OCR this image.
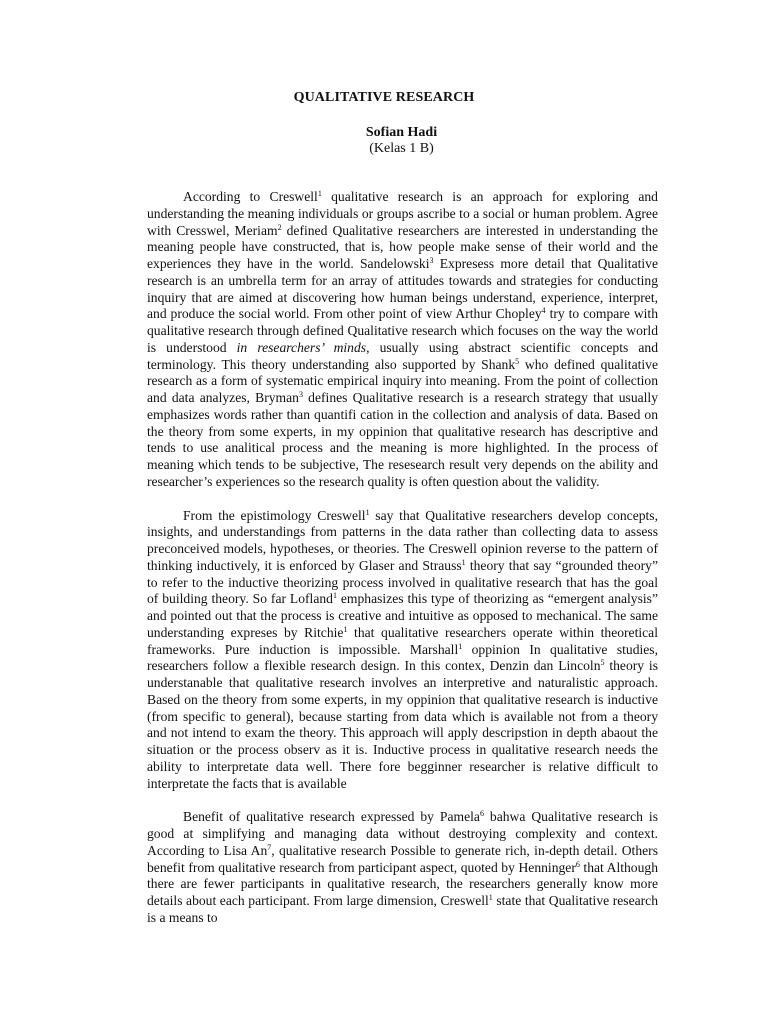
QUALITATIVE RESEARCH
Sofian Hadi
(Kelas 1 B)

According to Creswell$^1$ qualitative research is an approach for exploring and understanding the meaning individuals or groups ascribe to a social or human problem. Agree with Cresswel, Meriam$^2$ defined Qualitative researchers are interested in understanding the meaning people have constructed, that is, how people make sense of their world and the experiences they have in the world. Sandelowski$^3$ Expresess more detail that Qualitative research is an umbrella term for an array of attitudes towards and strategies for conducting inquiry that are aimed at discovering how human beings understand, experience, interpret, and produce the social world. From other point of view Arthur Chopley$^4$ try to compare with qualitative research through defined Qualitative research which focuses on the way the world is understood in researchers’ minds, usually using abstract scientific concepts and terminology. This theory understanding also supported by Shank$^5$ who defined qualitative research as a form of systematic empirical inquiry into meaning. From the point of collection and data analyzes, Bryman$^3$ defines Qualitative research is a research strategy that usually emphasizes words rather than quantifi cation in the collection and analysis of data. Based on the theory from some experts, in my oppinion that qualitative research has descriptive and tends to use analitical process and the meaning is more highlighted. In the process of meaning which tends to be subjective, The resesearch result very depends on the ability and researcher’s experiences so the research quality is often question about the validity.

From the epistimology Creswell$^1$ say that Qualitative researchers develop concepts, insights, and understandings from patterns in the data rather than collecting data to assess preconceived models, hypotheses, or theories. The Creswell opinion reverse to the pattern of thinking inductively, it is enforced by Glaser and Strauss$^1$ theory that say “grounded theory” to refer to the inductive theorizing process involved in qualitative research that has the goal of building theory. So far Lofland$^1$ emphasizes this type of theorizing as “emergent analysis” and pointed out that the process is creative and intuitive as opposed to mechanical. The same understanding expreses by Ritchie$^1$ that qualitative researchers operate within theoretical frameworks. Pure induction is impossible. Marshall$^1$ oppinion In qualitative studies, researchers follow a flexible research design. In this contex, Denzin dan Lincoln$^5$ theory is understanable that qualitative research involves an interpretive and naturalistic approach. Based on the theory from some experts, in my oppinion that qualitative research is inductive (from specific to general), because starting from data which is available not from a theory and not intend to exam the theory. This approach will apply descripstion in depth abaout the situation or the process observ as it is. Inductive process in qualitative research needs the ability to interpretate data well. There fore begginner researcher is relative difficult to interpretate the facts that is available

Benefit of qualitative research expressed by Pamela$^6$ bahwa Qualitative research is good at simplifying and managing data without destroying complexity and context. According to Lisa An$^7$, qualitative research Possible to generate rich, in-depth detail. Others benefit from qualitative research from participant aspect, quoted by Henninger$^6$ that Although there are fewer participants in qualitative research, the researchers generally know more details about each participant. From large dimension, Creswell$^1$ state that Qualitative research is a means to
